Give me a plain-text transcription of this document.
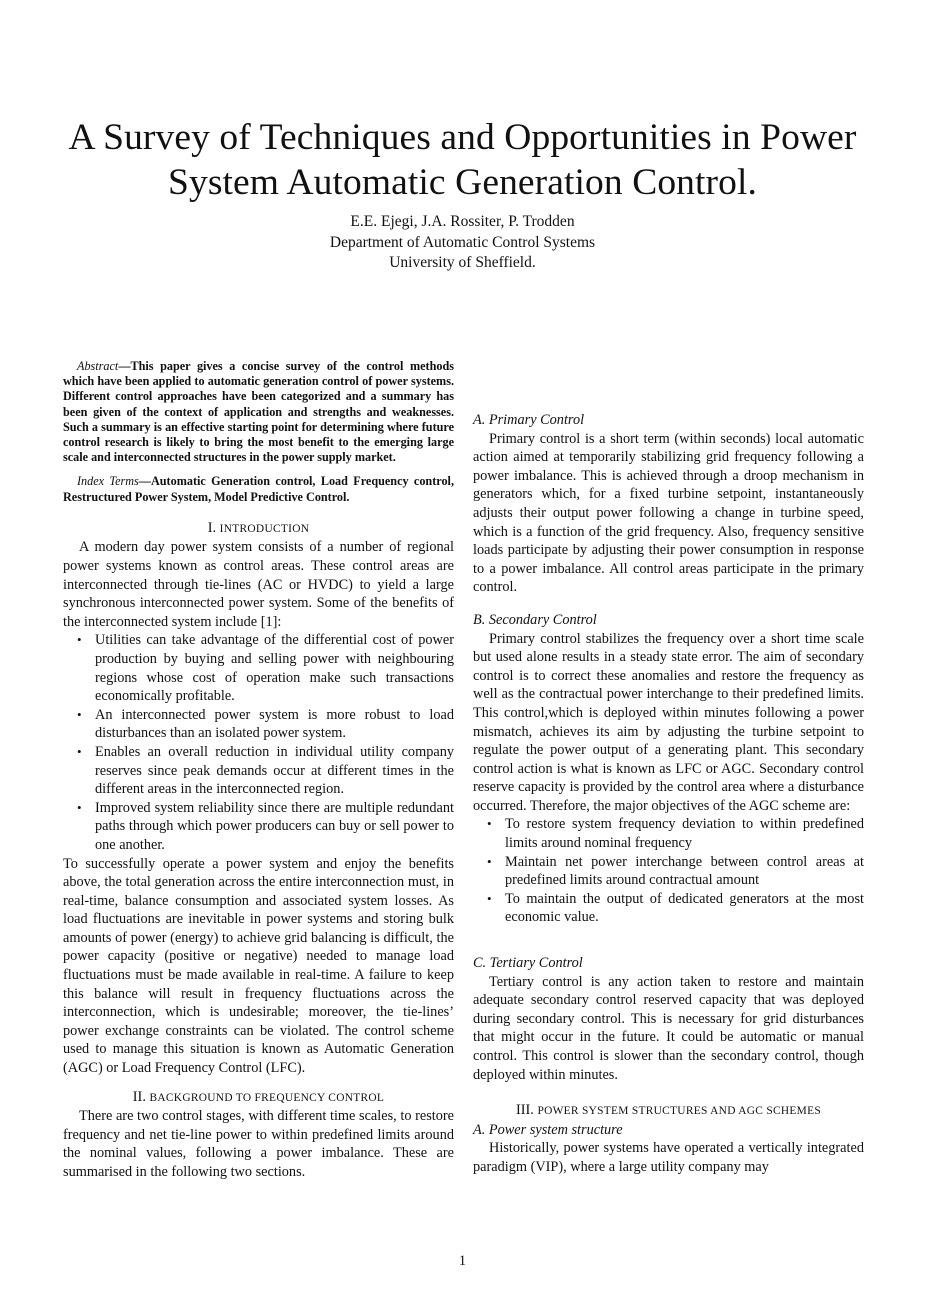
A Survey of Techniques and Opportunities in Power
System Automatic Generation Control.
E.E. Ejegi, J.A. Rossiter, P. Trodden
Department of Automatic Control Systems
University of Sheffield.

Abstract—This paper gives a concise survey of the control methods which have been applied to automatic generation control of power systems. Different control approaches have been categorized and a summary has been given of the context of application and strengths and weaknesses. Such a summary is an effective starting point for determining where future control research is likely to bring the most benefit to the emerging large scale and interconnected structures in the power supply market.

Index Terms—Automatic Generation control, Load Frequency control, Restructured Power System, Model Predictive Control.

I. INTRODUCTION

A modern day power system consists of a number of regional power systems known as control areas. These control areas are interconnected through tie-lines (AC or HVDC) to yield a large synchronous interconnected power system. Some of the benefits of the interconnected system include [1]:

• Utilities can take advantage of the differential cost of power production by buying and selling power with neighbouring regions whose cost of operation make such transactions economically profitable.
• An interconnected power system is more robust to load disturbances than an isolated power system.
• Enables an overall reduction in individual utility company reserves since peak demands occur at different times in the different areas in the interconnected region.
• Improved system reliability since there are multiple redundant paths through which power producers can buy or sell power to one another.

To successfully operate a power system and enjoy the benefits above, the total generation across the entire interconnection must, in real-time, balance consumption and associated system losses. As load fluctuations are inevitable in power systems and storing bulk amounts of power (energy) to achieve grid balancing is difficult, the power capacity (positive or negative) needed to manage load fluctuations must be made available in real-time. A failure to keep this balance will result in frequency fluctuations across the interconnection, which is undesirable; moreover, the tie-lines’ power exchange constraints can be violated. The control scheme used to manage this situation is known as Automatic Generation (AGC) or Load Frequency Control (LFC).

II. BACKGROUND TO FREQUENCY CONTROL

There are two control stages, with different time scales, to restore frequency and net tie-line power to within predefined limits around the nominal values, following a power imbalance. These are summarised in the following two sections.

A. Primary Control

Primary control is a short term (within seconds) local automatic action aimed at temporarily stabilizing grid frequency following a power imbalance. This is achieved through a droop mechanism in generators which, for a fixed turbine setpoint, instantaneously adjusts their output power following a change in turbine speed, which is a function of the grid frequency. Also, frequency sensitive loads participate by adjusting their power consumption in response to a power imbalance. All control areas participate in the primary control.

B. Secondary Control

Primary control stabilizes the frequency over a short time scale but used alone results in a steady state error. The aim of secondary control is to correct these anomalies and restore the frequency as well as the contractual power interchange to their predefined limits. This control,which is deployed within minutes following a power mismatch, achieves its aim by adjusting the turbine setpoint to regulate the power output of a generating plant. This secondary control action is what is known as LFC or AGC. Secondary control reserve capacity is provided by the control area where a disturbance occurred. Therefore, the major objectives of the AGC scheme are:

• To restore system frequency deviation to within predefined limits around nominal frequency
• Maintain net power interchange between control areas at predefined limits around contractual amount
• To maintain the output of dedicated generators at the most economic value.
C. Tertiary Control

Tertiary control is any action taken to restore and maintain adequate secondary control reserved capacity that was deployed during secondary control. This is necessary for grid disturbances that might occur in the future. It could be automatic or manual control. This control is slower than the secondary control, though deployed within minutes.

III. POWER SYSTEM STRUCTURES AND AGC SCHEMES
A. Power system structure

Historically, power systems have operated a vertically integrated paradigm (VIP), where a large utility company may

1
